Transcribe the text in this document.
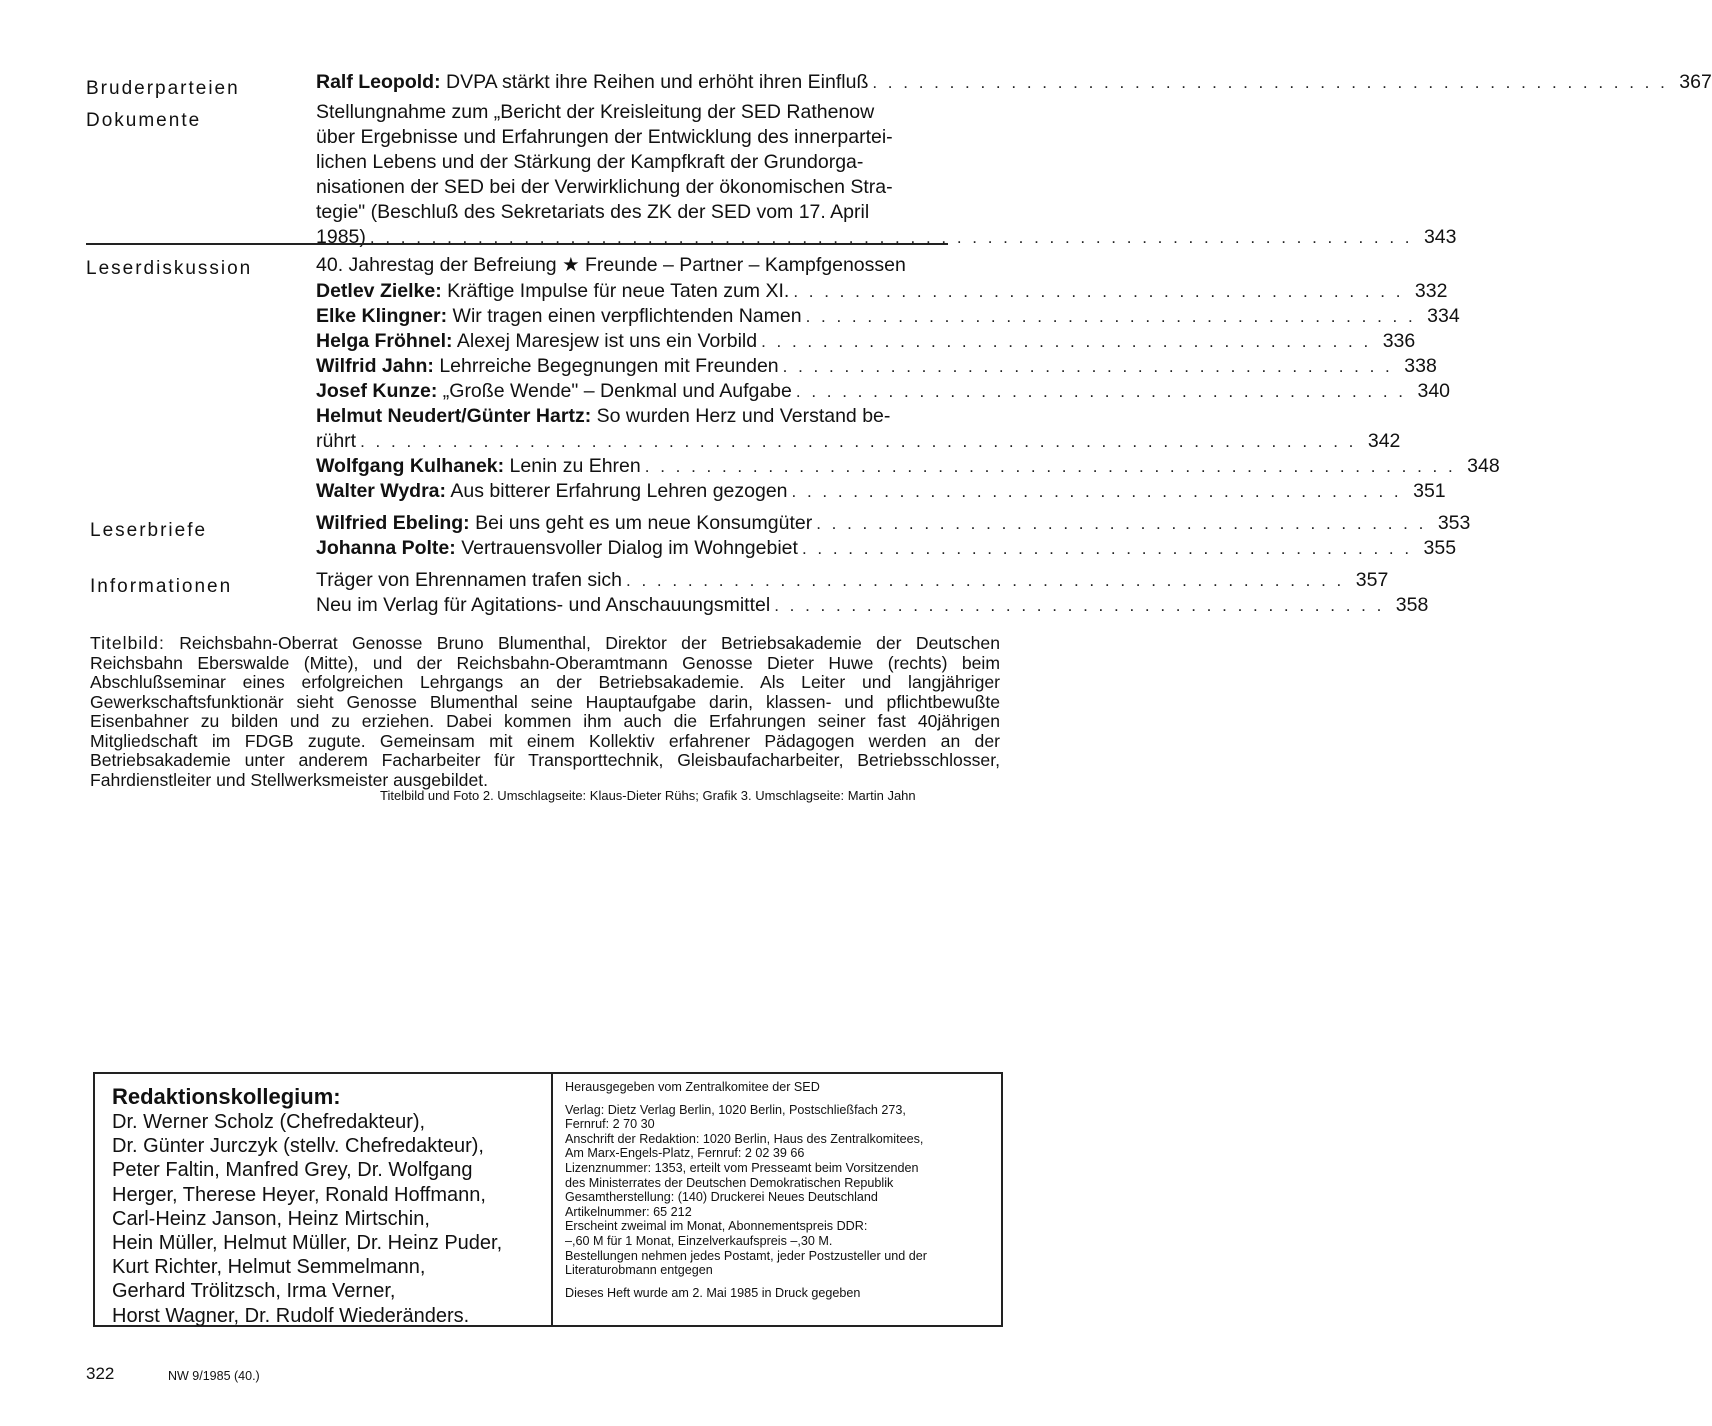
Bruderparteien	Ralf Leopold: DVPA stärkt ihre Reihen und erhöht ihren Einfluß . . . . . . . . . . . . . . . . . . . . . . . . . . . . . . . . . . . . . . . . . . . . . . . . . . . . 367
Dokumente	Stellungnahme zum „Bericht der Kreisleitung der SED Rathenow
über Ergebnisse und Erfahrungen der Entwicklung des innerpartei-
lichen Lebens und der Stärkung der Kampfkraft der Grundorga-
nisationen der SED bei der Verwirklichung der ökonomischen Stra-
tegie" (Beschluß des Sekretariats des ZK der SED vom 17. April
1985) . . . . . . . . . . . . . . . . . . . . . . . . . . . . . . . . . . . . . . . . . . . . . . . . . . . . . . . . . . . . . . . . . . . . 343
Leserdiskussion	40. Jahrestag der Befreiung ★ Freunde – Partner – Kampfgenossen
Detlev Zielke: Kräftige Impulse für neue Taten zum XI. . . . . . . . . . . . . . . . . . . . . . . . . . . . . . . . . . . . . . . . . 332
Elke Klingner: Wir tragen einen verpflichtenden Namen . . . . . . . . . . . . . . . . . . . . . . . . . . . . . . . . . . . . . . . . 334
Helga Fröhnel: Alexej Maresjew ist uns ein Vorbild . . . . . . . . . . . . . . . . . . . . . . . . . . . . . . . . . . . . . . . . 336
Wilfrid Jahn: Lehrreiche Begegnungen mit Freunden . . . . . . . . . . . . . . . . . . . . . . . . . . . . . . . . . . . . . . . . 338
Josef Kunze: „Große Wende" – Denkmal und Aufgabe . . . . . . . . . . . . . . . . . . . . . . . . . . . . . . . . . . . . . . . . 340
Helmut Neudert/Günter Hartz: So wurden Herz und Verstand be-
rührt . . . . . . . . . . . . . . . . . . . . . . . . . . . . . . . . . . . . . . . . . . . . . . . . . . . . . . . . . . . . . . . . . 342
Wolfgang Kulhanek: Lenin zu Ehren . . . . . . . . . . . . . . . . . . . . . . . . . . . . . . . . . . . . . . . . . . . . . . . . . . . . . 348
Walter Wydra: Aus bitterer Erfahrung Lehren gezogen . . . . . . . . . . . . . . . . . . . . . . . . . . . . . . . . . . . . . . . . 351
Leserbriefe	Wilfried Ebeling: Bei uns geht es um neue Konsumgüter . . . . . . . . . . . . . . . . . . . . . . . . . . . . . . . . . . . . . . . . 353
Johanna Polte: Vertrauensvoller Dialog im Wohngebiet . . . . . . . . . . . . . . . . . . . . . . . . . . . . . . . . . . . . . . . . 355
Informationen	Träger von Ehrennamen trafen sich . . . . . . . . . . . . . . . . . . . . . . . . . . . . . . . . . . . . . . . . . . . . . . . 357
Neu im Verlag für Agitations- und Anschauungsmittel . . . . . . . . . . . . . . . . . . . . . . . . . . . . . . . . . . . . . . . . 358
Titelbild: Reichsbahn-Oberrat Genosse Bruno Blumenthal, Direktor der Betriebsakademie der Deutschen Reichsbahn Eberswalde (Mitte), und der Reichsbahn-Oberamtmann Genosse Dieter Huwe (rechts) beim Abschlußseminar eines erfolgreichen Lehrgangs an der Betriebsakademie. Als Leiter und langjähriger Gewerkschaftsfunktionär sieht Genosse Blumenthal seine Hauptaufgabe darin, klassen- und pflichtbewußte Eisenbahner zu bilden und zu erziehen. Dabei kommen ihm auch die Erfahrungen seiner fast 40jährigen Mitgliedschaft im FDGB zugute. Gemeinsam mit einem Kollektiv erfahrener Pädagogen werden an der Betriebsakademie unter anderem Facharbeiter für Transporttechnik, Gleisbaufacharbeiter, Betriebsschlosser, Fahrdienstleiter und Stellwerksmeister ausgebildet.
Titelbild und Foto 2. Umschlagseite: Klaus-Dieter Rühs; Grafik 3. Umschlagseite: Martin Jahn
Redaktionskollegium:
Dr. Werner Scholz (Chefredakteur),
Dr. Günter Jurczyk (stellv. Chefredakteur),
Peter Faltin, Manfred Grey, Dr. Wolfgang
Herger, Therese Heyer, Ronald Hoffmann,
Carl-Heinz Janson, Heinz Mirtschin,
Hein Müller, Helmut Müller, Dr. Heinz Puder,
Kurt Richter, Helmut Semmelmann,
Gerhard Trölitzsch, Irma Verner,
Horst Wagner, Dr. Rudolf Wiederänders.
Herausgegeben vom Zentralkomitee der SED
Verlag: Dietz Verlag Berlin, 1020 Berlin, Postschließfach 273,
Fernruf: 2 70 30
Anschrift der Redaktion: 1020 Berlin, Haus des Zentralkomitees,
Am Marx-Engels-Platz, Fernruf: 2 02 39 66
Lizenznummer: 1353, erteilt vom Presseamt beim Vorsitzenden
des Ministerrates der Deutschen Demokratischen Republik
Gesamtherstellung: (140) Druckerei Neues Deutschland
Artikelnummer: 65 212
Erscheint zweimal im Monat, Abonnementspreis DDR:
–,60 M für 1 Monat, Einzelverkaufspreis –,30 M.
Bestellungen nehmen jedes Postamt, jeder Postzusteller und der
Literaturobmann entgegen
Dieses Heft wurde am 2. Mai 1985 in Druck gegeben
322	NW 9/1985 (40.)
